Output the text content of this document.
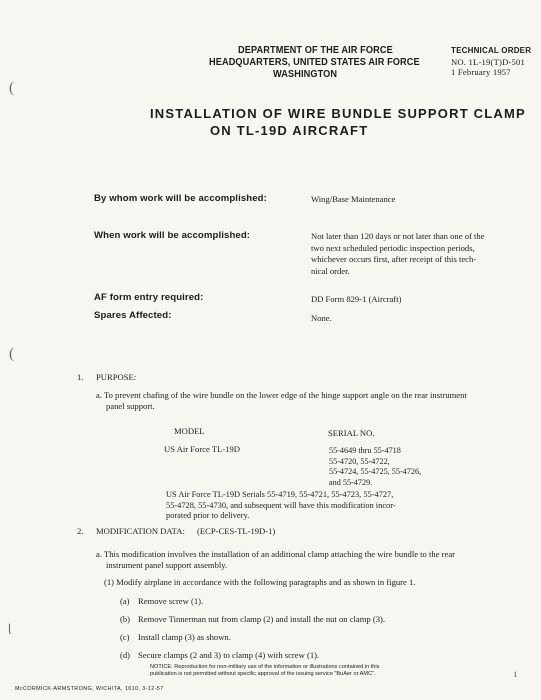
DEPARTMENT OF THE AIR FORCE
HEADQUARTERS, UNITED STATES AIR FORCE
WASHINGTON
TECHNICAL ORDER
NO. 1L-19(T)D-501
1 February 1957
INSTALLATION OF WIRE BUNDLE SUPPORT CLAMP
ON TL-19D AIRCRAFT
By whom work will be accomplished:	Wing/Base Maintenance
When work will be accomplished:	Not later than 120 days or not later than one of the
two next scheduled periodic inspection periods,
whichever occurs first, after receipt of this tech-
nical order.
AF form entry required:	DD Form 829-1 (Aircraft)
Spares Affected:	None.
1. PURPOSE:
a. To prevent chafing of the wire bundle on the lower edge of the hinge support angle on the rear instrument
panel support.
MODEL	SERIAL NO.
US Air Force TL-19D	55-4649 thru 55-4718
55-4720, 55-4722,
55-4724, 55-4725, 55-4726,
and 55-4729.
US Air Force TL-19D Serials 55-4719, 55-4721, 55-4723, 55-4727,
55-4728, 55-4730, and subsequent will have this modification incor-
porated prior to delivery.
2. MODIFICATION DATA: (ECP-CES-TL-19D-1)
a. This modification involves the installation of an additional clamp attaching the wire bundle to the rear
instrument panel support assembly.
(1) Modify airplane in accordance with the following paragraphs and as shown in figure 1.
(a) Remove screw (1).
(b) Remove Tinnerman nut from clamp (2) and install the nut on clamp (3).
(c) Install clamp (3) as shown.
(d) Secure clamps (2 and 3) to clamp (4) with screw (1).
NOTICE: Reproduction for non-military use of the information or illustrations contained in this
publication is not permitted without specific approval of the issuing service "BuAer or AMC".
McCORMICK-ARMSTRONG, WICHITA, 1610, 3-12-57
1
(
(
⌊
